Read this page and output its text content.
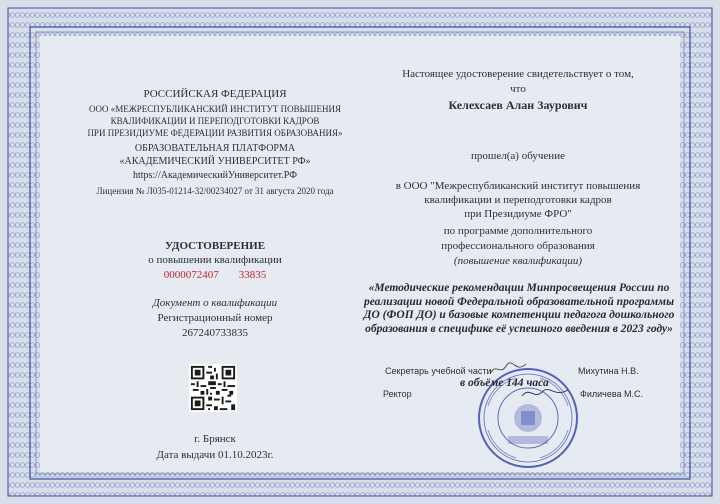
РОССИЙСКАЯ ФЕДЕРАЦИЯ
ООО «МЕЖРЕСПУБЛИКАНСКИЙ ИНСТИТУТ ПОВЫШЕНИЯ
КВАЛИФИКАЦИИ И ПЕРЕПОДГОТОВКИ КАДРОВ
ПРИ ПРЕЗИДИУМЕ ФЕДЕРАЦИИ РАЗВИТИЯ ОБРАЗОВАНИЯ»
ОБРАЗОВАТЕЛЬНАЯ ПЛАТФОРМА
«АКАДЕМИЧЕСКИЙ УНИВЕРСИТЕТ РФ»
https://АкадемическийУниверситет.РФ
Лицензия № Л035-01214-32/00234027 от 31 августа 2020 года
УДОСТОВЕРЕНИЕ
о повышении квалификации
0000072407 33835
Документ о квалификации
Регистрационный номер
267240733835
г. Брянск
Дата выдачи 01.10.2023г.
Настоящее удостоверение свидетельствует о том,
что
Келехсаев Алан Заурович
прошел(а) обучение
в ООО "Межреспубликанский институт повышения
квалификации и переподготовки кадров
при Президиуме ФРО"
по программе дополнительного
профессионального образования
(повышение квалификации)
«Методические рекомендации Минпросвещения России по реализации новой Федеральной образовательной программы ДО (ФОП ДО) и базовые компетенции педагога дошкольного образования в специфике её успешного введения в 2023 году»
в объёме 144 часа
Секретарь учебной части	Михутина Н.В.
Ректор	Филичева М.С.
